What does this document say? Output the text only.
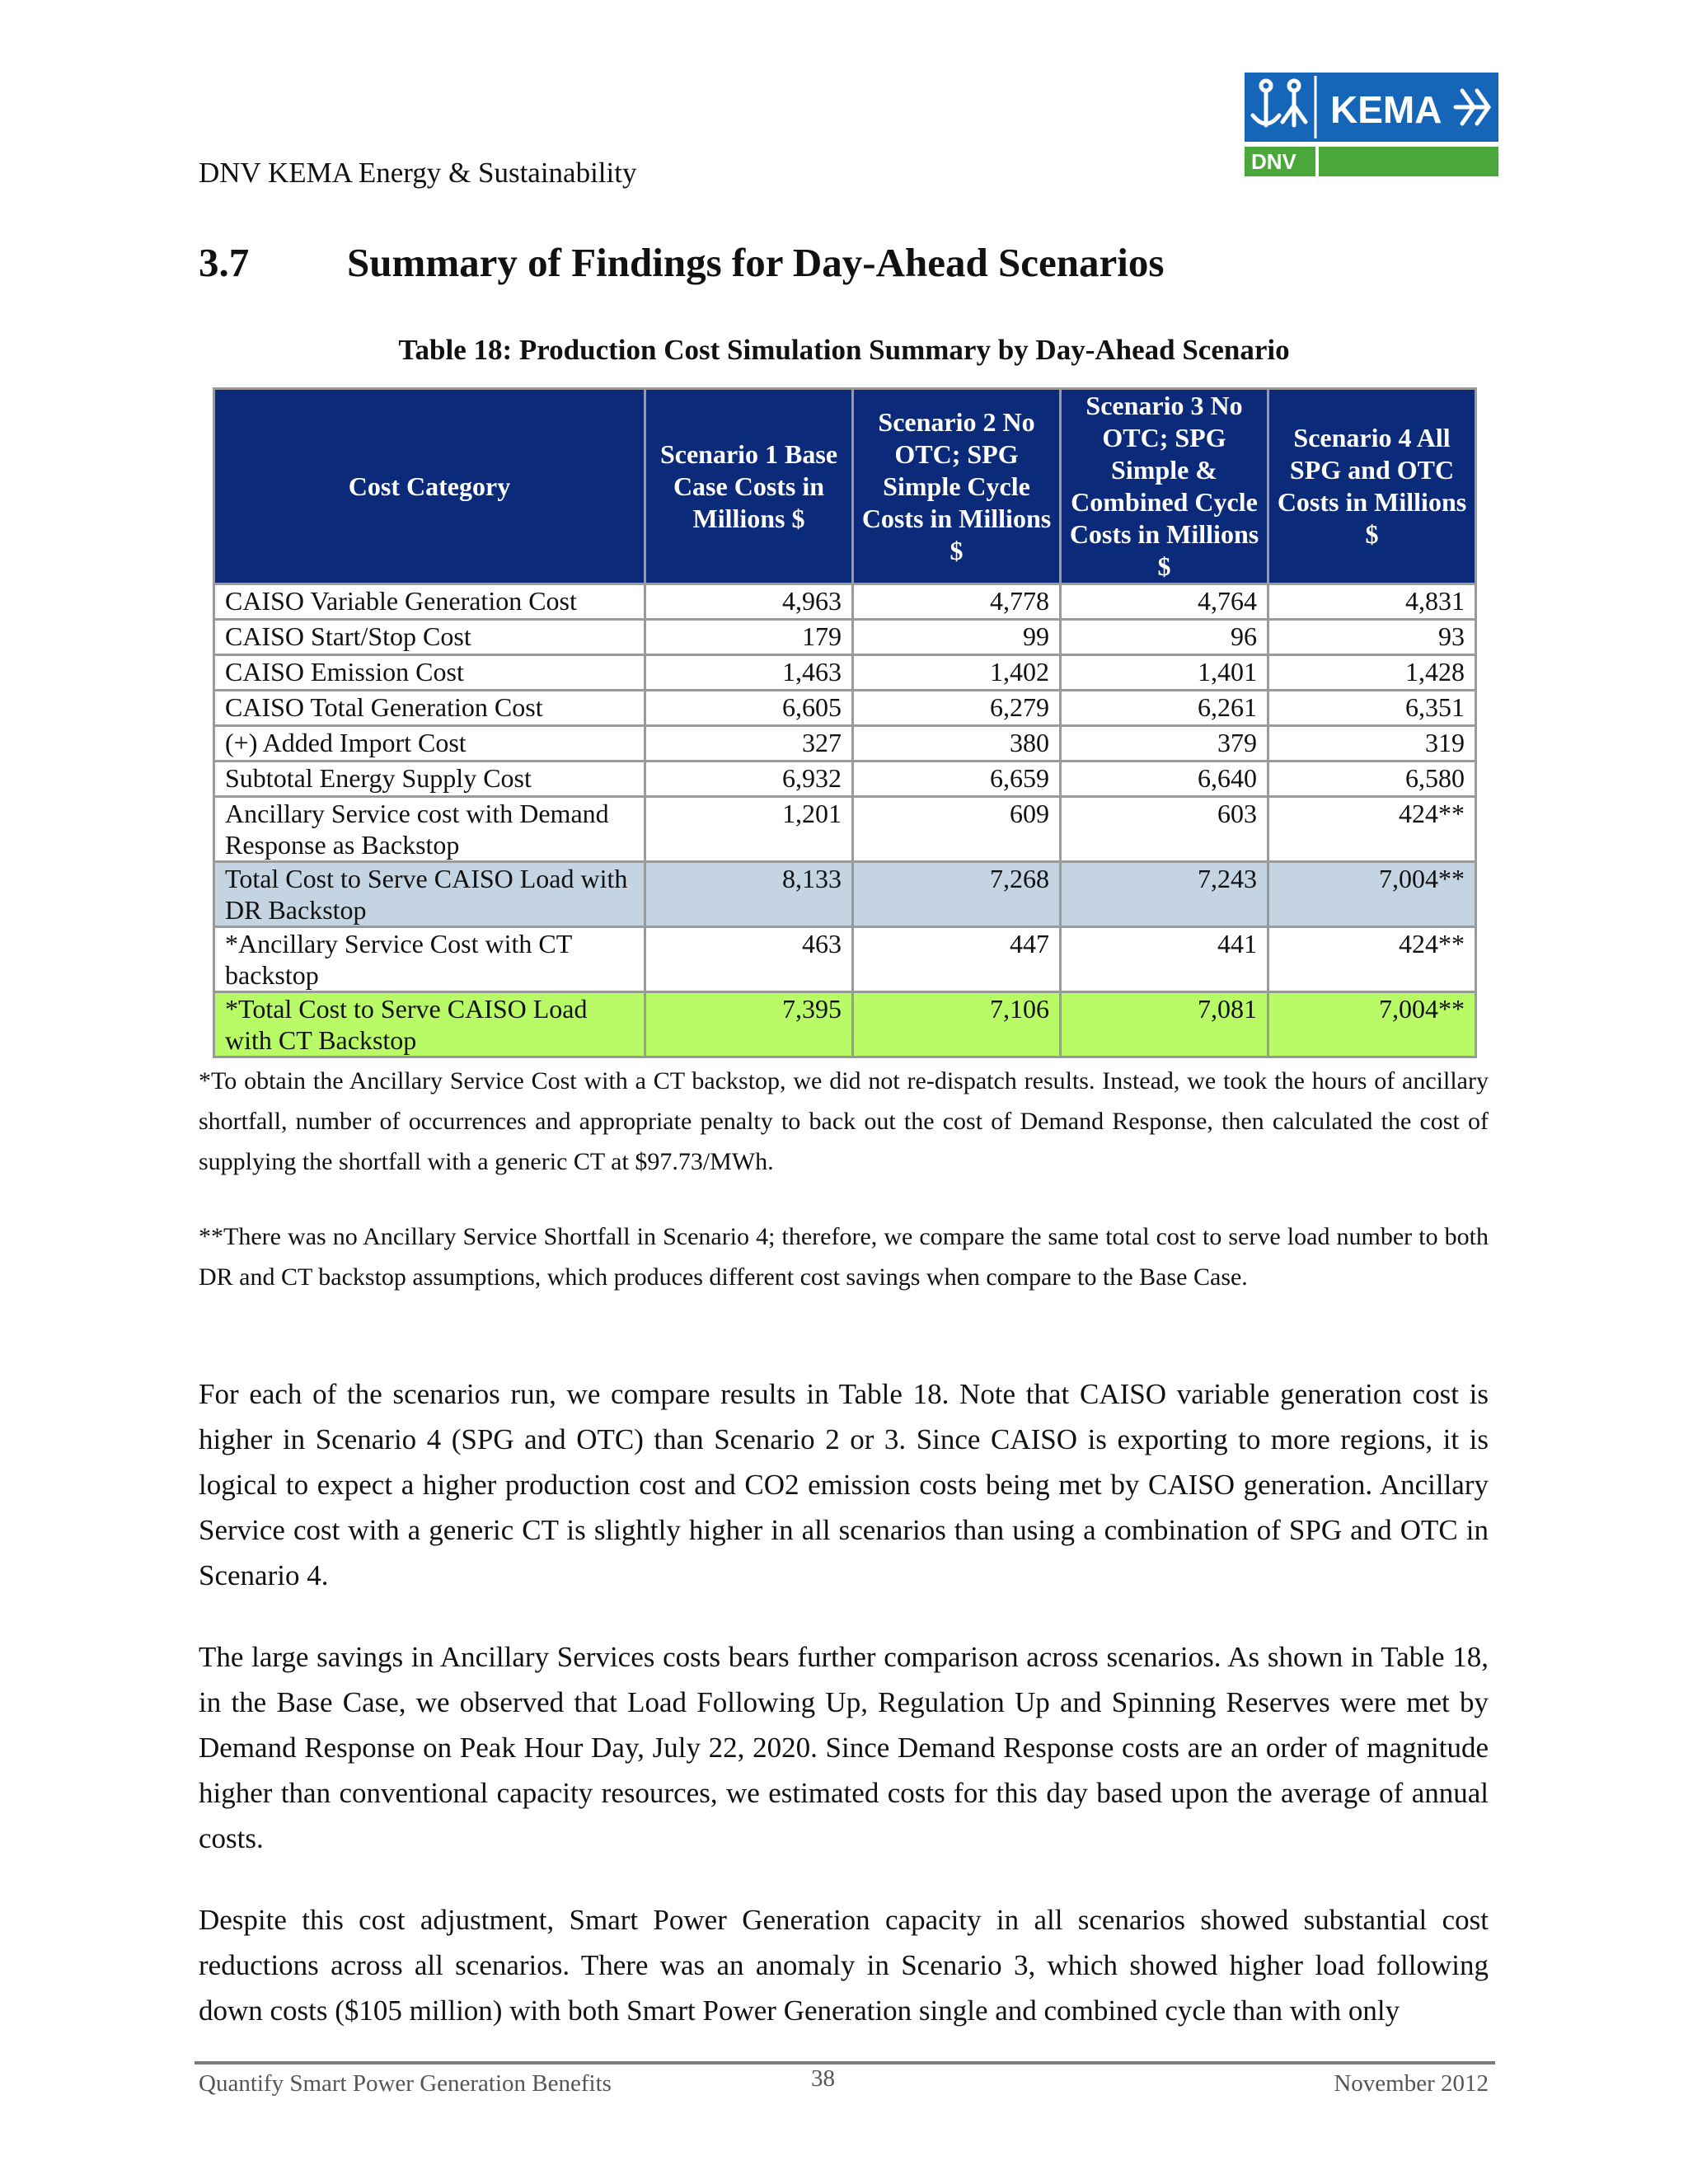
DNV KEMA Energy & Sustainability
KEMA
DNV
3.7 Summary of Findings for Day-Ahead Scenarios
Table 18: Production Cost Simulation Summary by Day-Ahead Scenario
Cost Category	Scenario 1 Base Case Costs in Millions $	Scenario 2 No OTC; SPG Simple Cycle Costs in Millions $	Scenario 3 No OTC; SPG Simple & Combined Cycle Costs in Millions $	Scenario 4 All SPG and OTC Costs in Millions $
CAISO Variable Generation Cost	4,963	4,778	4,764	4,831
CAISO Start/Stop Cost	179	99	96	93
CAISO Emission Cost	1,463	1,402	1,401	1,428
CAISO Total Generation Cost	6,605	6,279	6,261	6,351
(+) Added Import Cost	327	380	379	319
Subtotal Energy Supply Cost	6,932	6,659	6,640	6,580
Ancillary Service cost with Demand Response as Backstop	1,201	609	603	424**
Total Cost to Serve CAISO Load with DR Backstop	8,133	7,268	7,243	7,004**
*Ancillary Service Cost with CT backstop	463	447	441	424**
*Total Cost to Serve CAISO Load with CT Backstop	7,395	7,106	7,081	7,004**

*To obtain the Ancillary Service Cost with a CT backstop, we did not re-dispatch results. Instead, we took the hours of ancillary shortfall, number of occurrences and appropriate penalty to back out the cost of Demand Response, then calculated the cost of supplying the shortfall with a generic CT at $97.73/MWh.

**There was no Ancillary Service Shortfall in Scenario 4; therefore, we compare the same total cost to serve load number to both DR and CT backstop assumptions, which produces different cost savings when compare to the Base Case.

For each of the scenarios run, we compare results in Table 18. Note that CAISO variable generation cost is higher in Scenario 4 (SPG and OTC) than Scenario 2 or 3. Since CAISO is exporting to more regions, it is logical to expect a higher production cost and CO2 emission costs being met by CAISO generation. Ancillary Service cost with a generic CT is slightly higher in all scenarios than using a combination of SPG and OTC in Scenario 4.

The large savings in Ancillary Services costs bears further comparison across scenarios. As shown in Table 18, in the Base Case, we observed that Load Following Up, Regulation Up and Spinning Reserves were met by Demand Response on Peak Hour Day, July 22, 2020. Since Demand Response costs are an order of magnitude higher than conventional capacity resources, we estimated costs for this day based upon the average of annual costs.

Despite this cost adjustment, Smart Power Generation capacity in all scenarios showed substantial cost reductions across all scenarios. There was an anomaly in Scenario 3, which showed higher load following down costs ($105 million) with both Smart Power Generation single and combined cycle than with only

Quantify Smart Power Generation Benefits	38	November 2012
